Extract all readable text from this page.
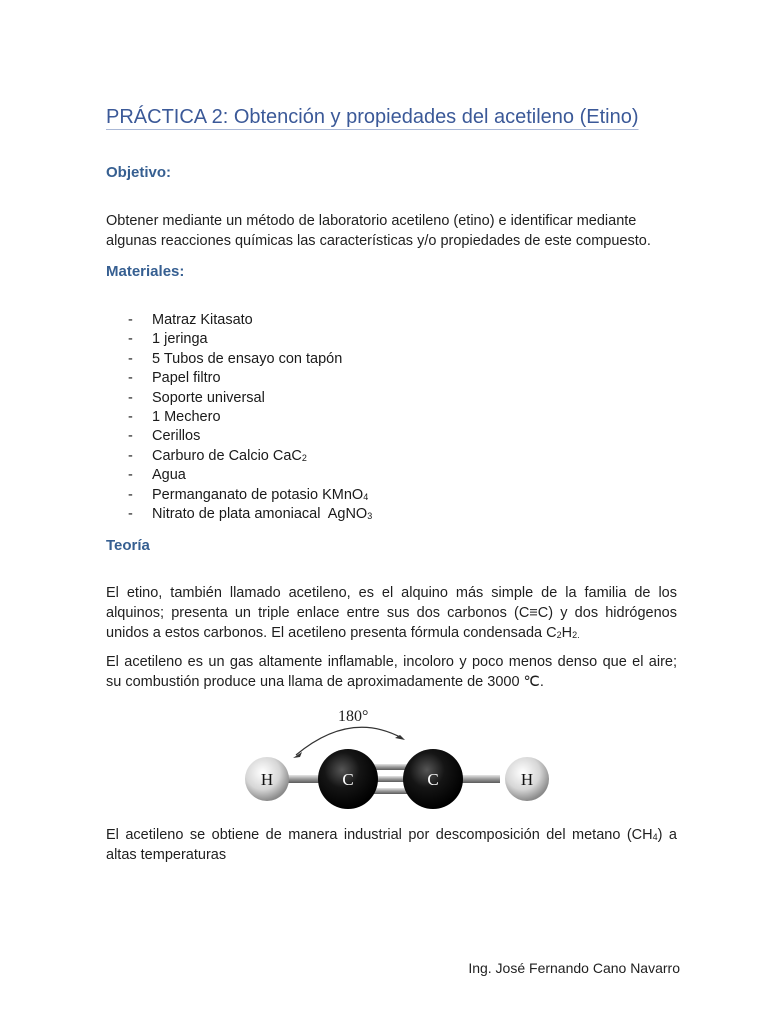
PRÁCTICA 2: Obtención y propiedades del acetileno (Etino)
Objetivo:

Obtener mediante un método de laboratorio acetileno (etino) e identificar mediante algunas reacciones químicas las características y/o propiedades de este compuesto.

Materiales:
- Matraz Kitasato
- 1 jeringa
- 5 Tubos de ensayo con tapón
- Papel filtro
- Soporte universal
- 1 Mechero
- Cerillos
- Carburo de Calcio CaC$_2$
- Agua
- Permanganato de potasio KMnO$_4$
- Nitrato de plata amoniacal  AgNO$_3$
Teoría
El etino, también llamado acetileno, es el alquino más simple de la familia de los
alquinos; presenta un triple enlace entre sus dos carbonos (C≡C) y dos hidrógenos
unidos a estos carbonos. El acetileno presenta fórmula condensada $C_2H_{2.}$

El acetileno es un gas altamente inflamable, incoloro y poco menos denso que el aire; su combustión produce una llama de aproximadamente de 3000 ℃.

180°
H	C	C	H
El acetileno se obtiene de manera industrial por descomposición del metano $(CH_4)$ a
altas temperaturas

Ing. José Fernando Cano Navarro
